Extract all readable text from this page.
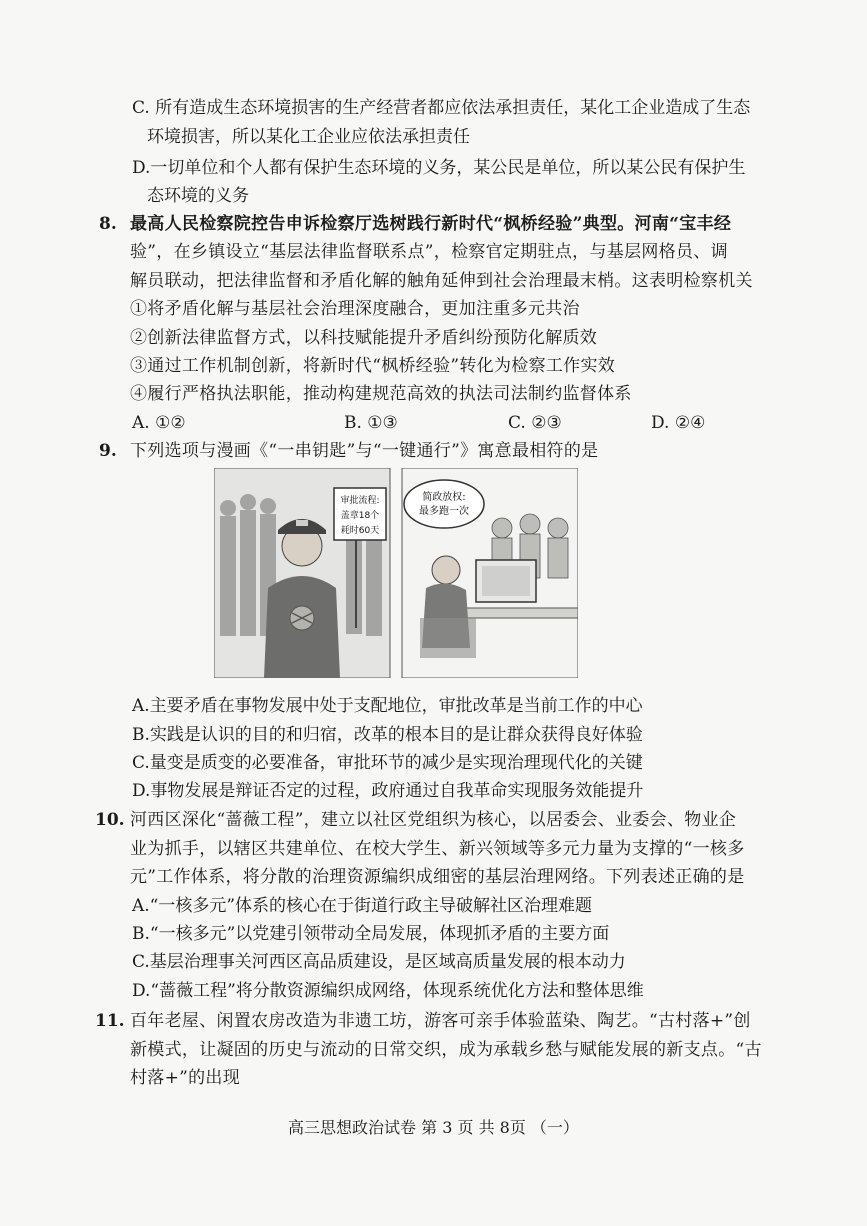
C. 所有造成生态环境损害的生产经营者都应依法承担责任，某化工企业造成了生态
环境损害，所以某化工企业应依法承担责任
D.一切单位和个人都有保护生态环境的义务，某公民是单位，所以某公民有保护生
态环境的义务
8. 最高人民检察院控告申诉检察厅选树践行新时代“枫桥经验”典型。河南“宝丰经
验”，在乡镇设立“基层法律监督联系点”，检察官定期驻点，与基层网格员、调
解员联动，把法律监督和矛盾化解的触角延伸到社会治理最末梢。这表明检察机关
①将矛盾化解与基层社会治理深度融合，更加注重多元共治
②创新法律监督方式，以科技赋能提升矛盾纠纷预防化解质效
③通过工作机制创新，将新时代“枫桥经验”转化为检察工作实效
④履行严格执法职能，推动构建规范高效的执法司法制约监督体系
A. ①②	B. ①③	C. ②③	D. ②④
9. 下列选项与漫画《“一串钥匙”与“一键通行”》寓意最相符的是
审批流程:
盖章18个
耗时60天
简政放权:
最多跑一次
A.主要矛盾在事物发展中处于支配地位，审批改革是当前工作的中心
B.实践是认识的目的和归宿，改革的根本目的是让群众获得良好体验
C.量变是质变的必要准备，审批环节的减少是实现治理现代化的关键
D.事物发展是辩证否定的过程，政府通过自我革命实现服务效能提升
10. 河西区深化“蔷薇工程”，建立以社区党组织为核心，以居委会、业委会、物业企
业为抓手，以辖区共建单位、在校大学生、新兴领域等多元力量为支撑的“一核多
元”工作体系，将分散的治理资源编织成细密的基层治理网络。下列表述正确的是
A.“一核多元”体系的核心在于街道行政主导破解社区治理难题
B.“一核多元”以党建引领带动全局发展，体现抓矛盾的主要方面
C.基层治理事关河西区高品质建设，是区域高质量发展的根本动力
D.“蔷薇工程”将分散资源编织成网络，体现系统优化方法和整体思维
11. 百年老屋、闲置农房改造为非遗工坊，游客可亲手体验蓝染、陶艺。“古村落+”创
新模式，让凝固的历史与流动的日常交织，成为承载乡愁与赋能发展的新支点。“古
村落+”的出现
高三思想政治试卷 第 3 页 共 8页 （一）
